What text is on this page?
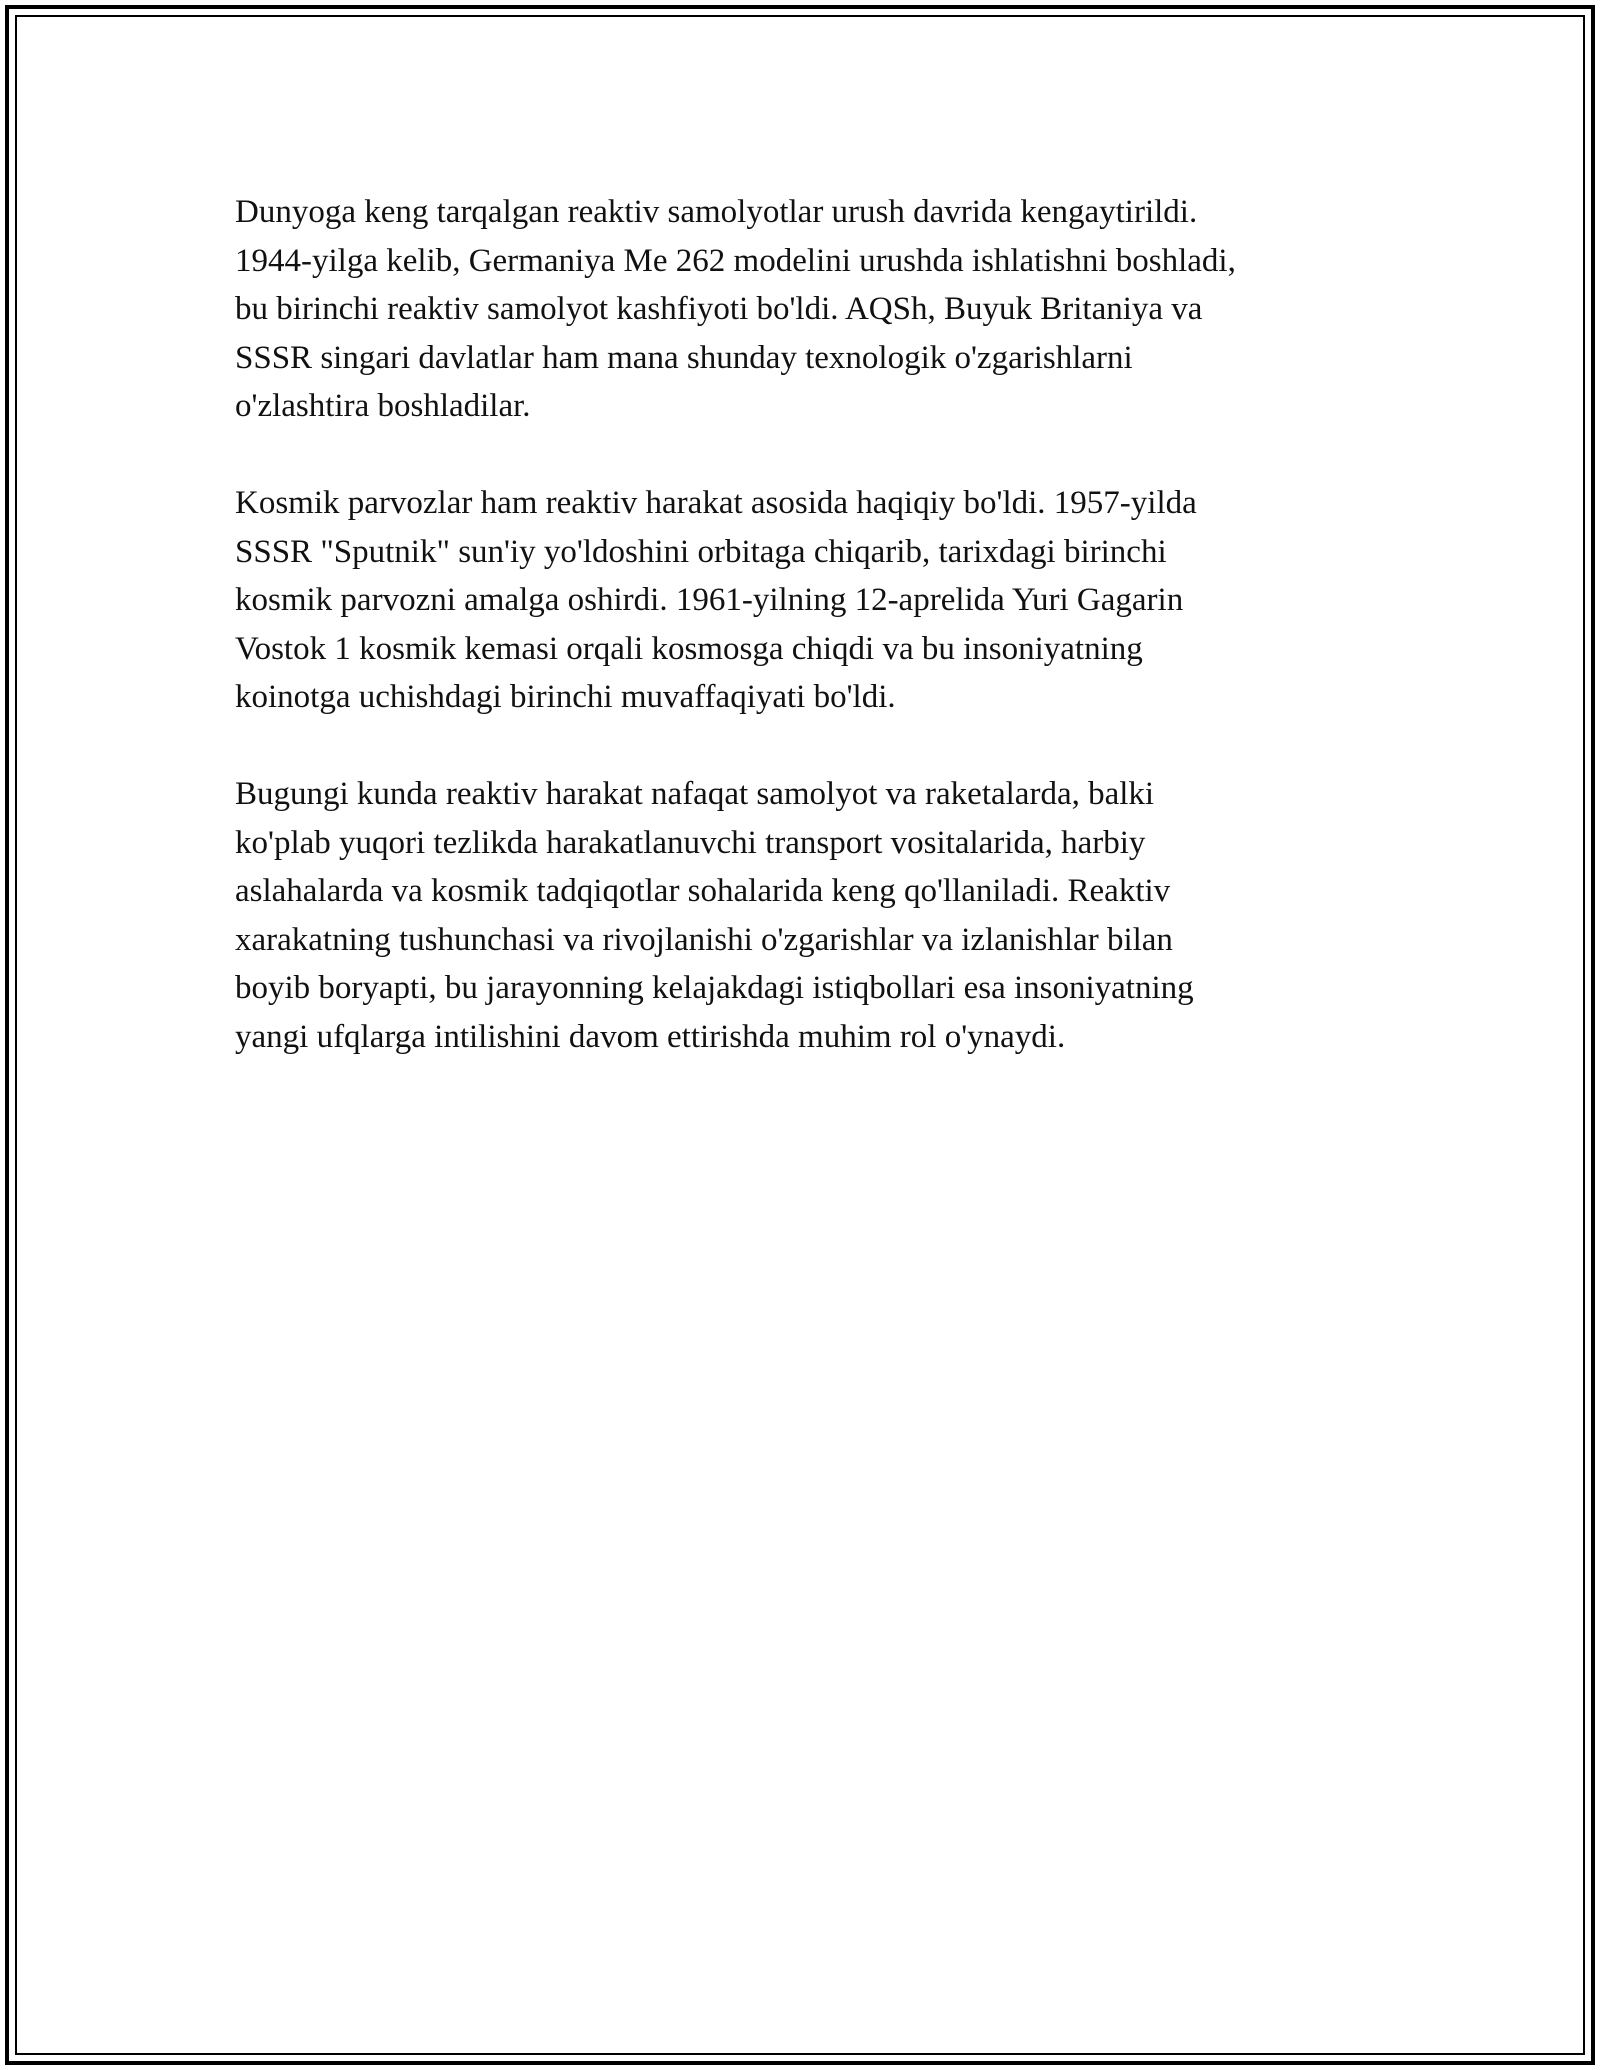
Dunyoga keng tarqalgan reaktiv samolyotlar urush davrida kengaytirildi.
1944-yilga kelib, Germaniya Me 262 modelini urushda ishlatishni boshladi,
bu birinchi reaktiv samolyot kashfiyoti bo'ldi. AQSh, Buyuk Britaniya va
SSSR singari davlatlar ham mana shunday texnologik o'zgarishlarni
o'zlashtira boshladilar.

Kosmik parvozlar ham reaktiv harakat asosida haqiqiy bo'ldi. 1957-yilda
SSSR "Sputnik" sun'iy yo'ldoshini orbitaga chiqarib, tarixdagi birinchi
kosmik parvozni amalga oshirdi. 1961-yilning 12-aprelida Yuri Gagarin
Vostok 1 kosmik kemasi orqali kosmosga chiqdi va bu insoniyatning
koinotga uchishdagi birinchi muvaffaqiyati bo'ldi.

Bugungi kunda reaktiv harakat nafaqat samolyot va raketalarda, balki
ko'plab yuqori tezlikda harakatlanuvchi transport vositalarida, harbiy
aslahalarda va kosmik tadqiqotlar sohalarida keng qo'llaniladi. Reaktiv
xarakatning tushunchasi va rivojlanishi o'zgarishlar va izlanishlar bilan
boyib boryapti, bu jarayonning kelajakdagi istiqbollari esa insoniyatning
yangi ufqlarga intilishini davom ettirishda muhim rol o'ynaydi.
